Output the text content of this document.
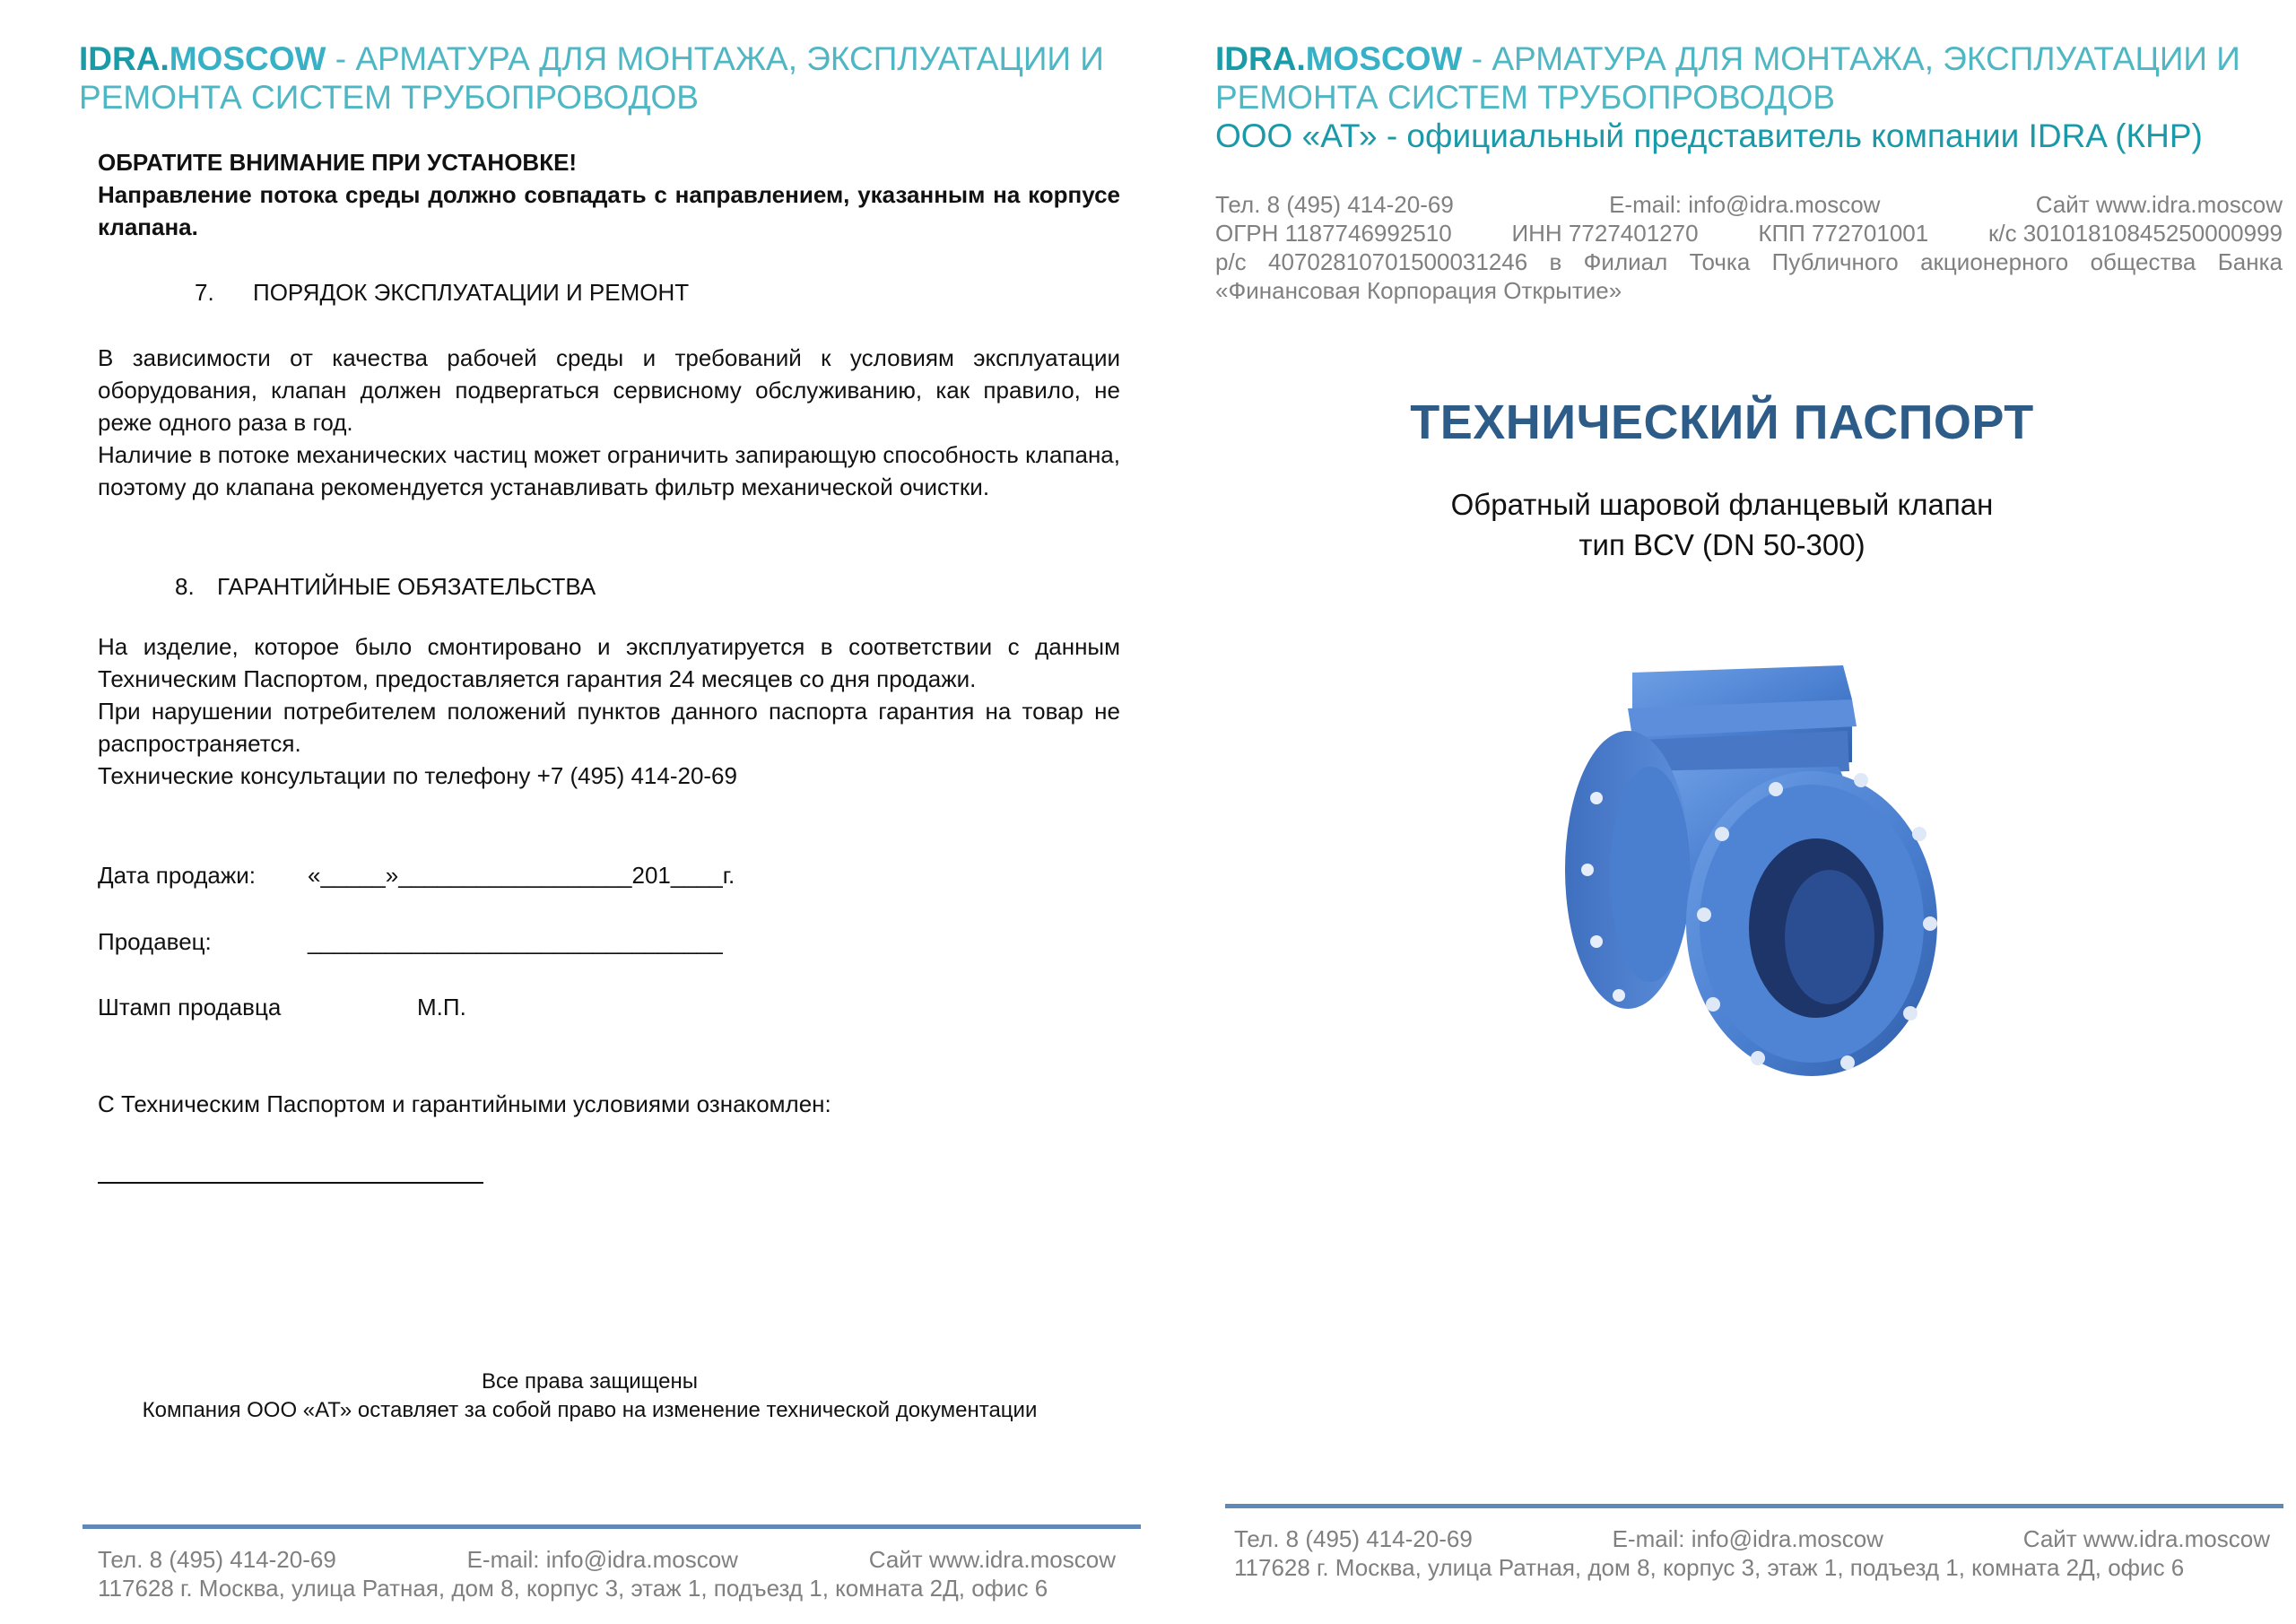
IDRA.MOSCOW - АРМАТУРА ДЛЯ МОНТАЖА, ЭКСПЛУАТАЦИИ И РЕМОНТА СИСТЕМ ТРУБОПРОВОДОВ
ОБРАТИТЕ ВНИМАНИЕ ПРИ УСТАНОВКЕ!
Направление потока среды должно совпадать с направлением, указанным на корпусе клапана.
7. ПОРЯДОК ЭКСПЛУАТАЦИИ И РЕМОНТ
В зависимости от качества рабочей среды и требований к условиям эксплуатации оборудования, клапан должен подвергаться сервисному обслуживанию, как правило, не реже одного раза в год.
Наличие в потоке механических частиц может ограничить запирающую способность клапана, поэтому до клапана рекомендуется устанавливать фильтр механической очистки.
8. ГАРАНТИЙНЫЕ ОБЯЗАТЕЛЬСТВА
На изделие, которое было смонтировано и эксплуатируется в соответствии с данным Техническим Паспортом, предоставляется гарантия 24 месяцев со дня продажи.
При нарушении потребителем положений пунктов данного паспорта гарантия на товар не распространяется.
Технические консультации по телефону +7 (495) 414-20-69
Дата продажи: «_____»__________________201____г.
Продавец:	________________________________
Штамп продавца	М.П.
С Техническим Паспортом и гарантийными условиями ознакомлен:
Все права защищены
Компания ООО «АТ» оставляет за собой право на изменение технической документации
Тел. 8 (495) 414-20-69	E-mail: info@idra.moscow	Сайт www.idra.moscow
117628 г. Москва, улица Ратная, дом 8, корпус 3, этаж 1, подъезд 1, комната 2Д, офис 6
IDRA.MOSCOW - АРМАТУРА ДЛЯ МОНТАЖА, ЭКСПЛУАТАЦИИ И РЕМОНТА СИСТЕМ ТРУБОПРОВОДОВ
ООО «АТ» - официальный представитель компании IDRA (КНР)
Тел. 8 (495) 414-20-69	E-mail: info@idra.moscow	Сайт www.idra.moscow
ОГРН 1187746992510	ИНН 7727401270	КПП 772701001	к/с 30101810845250000999
р/с 40702810701500031246 в Филиал Точка Публичного акционерного общества Банка
«Финансовая Корпорация Открытие»
ТЕХНИЧЕСКИЙ ПАСПОРТ
Обратный шаровой фланцевый клапан
тип BCV (DN 50-300)
Тел. 8 (495) 414-20-69	E-mail: info@idra.moscow	Сайт www.idra.moscow
117628 г. Москва, улица Ратная, дом 8, корпус 3, этаж 1, подъезд 1, комната 2Д, офис 6
